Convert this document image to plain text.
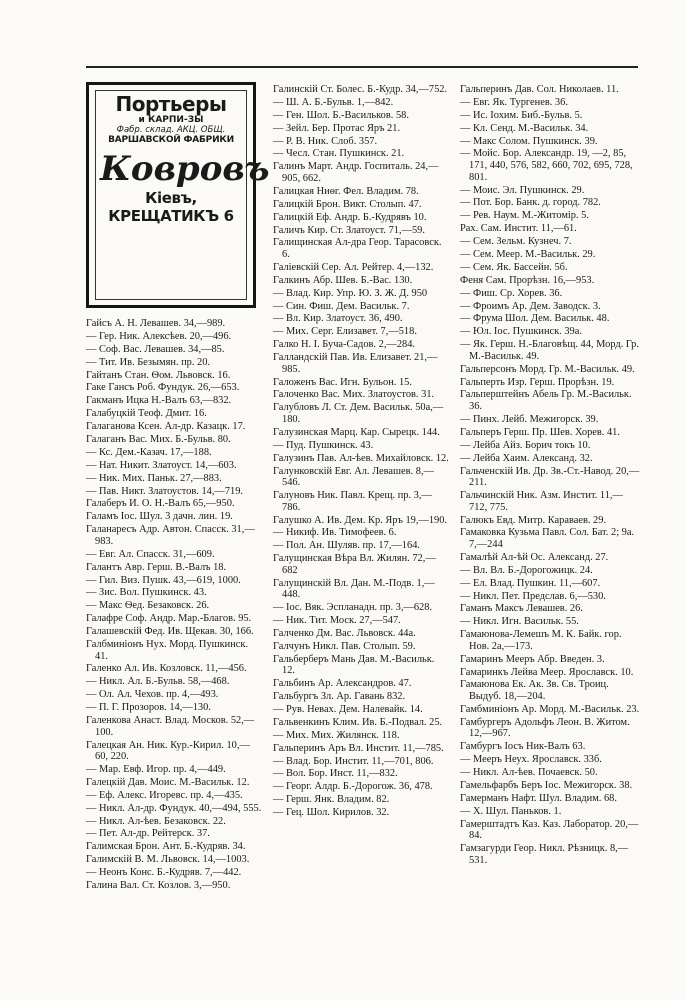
Портьеры
и КАРПИ-ЗЫ
Фабр. склад. АКЦ. ОБЩ.
ВАРШАВСКОЙ ФАБРИКИ
Ковровъ
Кіевъ, КРЕЩАТИКЪ 6
Гайсъ А. Н. Левашев. 34,—989.
— Гер. Ник. Алексѣев. 20,—496.
— Соф. Вас. Левашев. 34,—85.
— Тит. Ив. Безымян. пр. 20.
Гайтанъ Стан. Ѳом. Львовск. 16.
Гаке Гансъ Роб. Фундук. 26,—653.
Гакманъ Ицка Н.-Валъ 63,—832.
Галабуцкій Теоф. Дмит. 16.
Галаганова Ксен. Ал-др. Казацк. 17.
Галаганъ Вас. Мих. Б.-Бульв. 80.
— Кс. Дем.-Казач. 17,—188.
— Нат. Никит. Златоуст. 14,—603.
— Ник. Мих. Паньк. 27,—883.
— Пав. Никт. Златоустов. 14,—719.
Галаберъ И. О. Н.-Валъ 65,—950.
Галамъ Іос. Шул. 3 дачн. лин. 19.
Галанаресъ Адр. Автон. Спасск. 31,—983.
— Евг. Ал. Спасск. 31,—609.
Галантъ Авр. Герш. В.-Валъ 18.
— Гил. Виз. Пушк. 43,—619, 1000.
— Зис. Вол. Пушкинск. 43.
— Макс Ѳед. Безаковск. 26.
Галафре Соф. Андр. Мар.-Благов. 95.
Галашевскій Фед. Ив. Щекав. 30, 166.
Галбминіонъ Нух. Морд. Пушкинск. 41.
Галенко Ал. Ив. Козловск. 11,—456.
— Никл. Ал. Б.-Бульв. 58,—468.
— Ол. Ал. Чехов. пр. 4,—493.
— П. Г. Прозоров. 14,—130.
Галенкова Анаст. Влад. Москов. 52,—100.
Галецкая Ан. Ник. Кур.-Кирил. 10,—60, 220.
— Мар. Евф. Игор. пр. 4,—449.
Галецкій Дав. Моис. М.-Васильк. 12.
— Еф. Алекс. Игоревс. пр. 4,—435.
— Никл. Ал-др. Фундук. 40,—494, 555.
— Никл. Ал-ѣев. Безаковск. 22.
— Пет. Ал-др. Рейтерск. 37.
Галимская Брон. Ант. Б.-Кудряв. 34.
Галимскій В. М. Львовск. 14,—1003.
— Неонъ Конс. Б.-Кудряв. 7,—442.
Галина Вал. Ст. Козлов. 3,—950.
Галинскій Ст. Болес. Б.-Кудр. 34,—752.
— Ш. А. Б.-Бульв. 1,—842.
— Ген. Шол. Б.-Васильков. 58.
— Зейл. Бер. Протас Яръ 21.
— Р. В. Ник. Слоб. 357.
— Чесл. Стан. Пушкинск. 21.
Галинъ Март. Андр. Госпиталь. 24,—905, 662.
Галицкая Ниѳг. Фел. Владим. 78.
Галицкій Брон. Викт. Столып. 47.
Галицкій Еф. Андр. Б.-Кудрявъ 10.
Галичъ Кир. Ст. Златоуст. 71,—59.
Галищинская Ал-дра Геор. Тарасовск. 6.
Галіевскій Сер. Ал. Рейтер. 4,—132.
Галкинъ Абр. Шев. Б.-Вас. 130.
— Влад. Кир. Упр. Ю. З. Ж. Д. 950
— Син. Фиш. Дем. Васильк. 7.
— Вл. Кир. Златоуст. 36, 490.
— Мих. Серг. Елизавет. 7,—518.
Галко Н. І. Буча-Садов. 2,—284.
Галландскій Пав. Ив. Елизавет. 21,—985.
Галоженъ Вас. Игн. Бульон. 15.
Галоченко Вас. Мих. Златоустов. 31.
Галубловъ Л. Ст. Дем. Васильк. 50а,—180.
Галузинская Марц. Кар. Сырецк. 144.
— Пуд. Пушкинск. 43.
Галузинъ Пав. Ал-ѣев. Михайловск. 12.
Галунковскій Евг. Ал. Левашев. 8,—546.
Галуновъ Ник. Павл. Крещ. пр. 3,—786.
Галушко А. Ив. Дем. Кр. Яръ 19,—190.
— Никиф. Ив. Тимофеев. 6.
— Пол. Ан. Шуляв. пр. 17,—164.
Галущинская Вѣра Вл. Жилян. 72,—682
Галущинскій Вл. Дан. М.-Подв. 1,—448.
— Іос. Вяк. Эспланадн. пр. 3,—628.
— Ник. Тит. Моск. 27,—547.
Галченко Дм. Вас. Львовск. 44а.
Галчунъ Никл. Пав. Столып. 59.
Гальберберъ Мань Дав. М.-Васильк. 12.
Гальбинъ Ар. Александров. 47.
Гальбургъ Зл. Ар. Гавань 832.
— Рув. Невах. Дем. Налевайк. 14.
Гальвенкинъ Клим. Ив. Б.-Подвал. 25.
— Мих. Мих. Жилянск. 118.
Гальперинъ Аръ Вл. Инстит. 11,—785.
— Влад. Бор. Инстит. 11,—701, 806.
— Вол. Бор. Инст. 11,—832.
— Георг. Алдр. Б.-Дорогож. 36, 478.
— Герш. Янк. Владим. 82.
— Гец. Шол. Кирилов. 32.
Гальперинъ Дав. Сол. Николаев. 11.
— Евг. Як. Тургенев. 36.
— Ис. Іохим. Биб.-Бульв. 5.
— Кл. Сенд. М.-Васильк. 34.
— Макс Солом. Пушкинск. 39.
— Мойс. Бор. Александр. 19, —2, 85, 171, 440, 576, 582, 660, 702, 695, 728, 801.
— Моис. Эл. Пушкинск. 29.
— Пот. Бор. Банк. д. город. 782.
— Рев. Наум. М.-Житомір. 5.
Рах. Сам. Инстит. 11,—61.
— Сем. Зельм. Кузнеч. 7.
— Сем. Меер. М.-Васильк. 29.
— Сем. Як. Бассейн. 5б.
Феня Сам. Прорѣзн. 16,—953.
— Фиш. Ср. Хорев. 36.
— Фроимъ Ар. Дем. Заводск. 3.
— Фрума Шол. Дем. Васильк. 48.
— Юл. Іос. Пушкинск. 39а.
— Як. Герш. Н.-Благовѣщ. 44, Морд. Гр. М.-Васильк. 49.
Гальперсонъ Морд. Гр. М.-Васильк. 49.
Гальперть Изр. Герш. Прорѣзн. 19.
Гальперштейнъ Абель Гр. М.-Васильк. 36.
— Пинх. Лейб. Межигорск. 39.
Гальперъ Герш. Пр. Шев. Хорев. 41.
— Лейба Айз. Борич токъ 10.
— Лейба Хаим. Александ. 32.
Гальченскій Ив. Др. Зв.-Ст.-Навод. 20,—211.
Гальчинскій Ник. Азм. Инстит. 11,—712, 775.
Галюкъ Евд. Митр. Караваев. 29.
Гамаковка Кузьма Павл. Сол. Бат. 2; 9а. 7,—244
Гамалѣй Ал-ѣй Ос. Александ. 27.
— Вл. Вл. Б.-Дорогожицк. 24.
— Ел. Влад. Пушкин. 11,—607.
— Никл. Пет. Предслав. 6,—530.
Гаманъ Максъ Левашев. 26.
— Никл. Игн. Васильк. 55.
Гамаюнова-Лемешъ М. К. Байк. гор. Нов. 2а,—173.
Гамаринъ Мееръ Абр. Введен. 3.
Гамаринкъ Лейва Меер. Ярославск. 10.
Гамаюнова Ек. Ак. Зв. Св. Троиц. Выдуб. 18,—204.
Гамбминіонъ Ар. Морд. М.-Васильк. 23.
Гамбургеръ Адольфъ Леон. В. Житом. 12,—967.
Гамбургъ Іосъ Ник-Валъ 63.
— Мееръ Неух. Ярославск. 33б.
— Никл. Ал-ѣев. Почаевск. 50.
Гамельфарбъ Беръ Іос. Межигорск. 38.
Гамерманъ Нафт. Шул. Владим. 68.
— Х. Шул. Паньков. 1.
Гамерштадтъ Каз. Каз. Лаборатор. 20,—84.
Гамзагурди Геор. Никл. Рѣзницк. 8,—531.
